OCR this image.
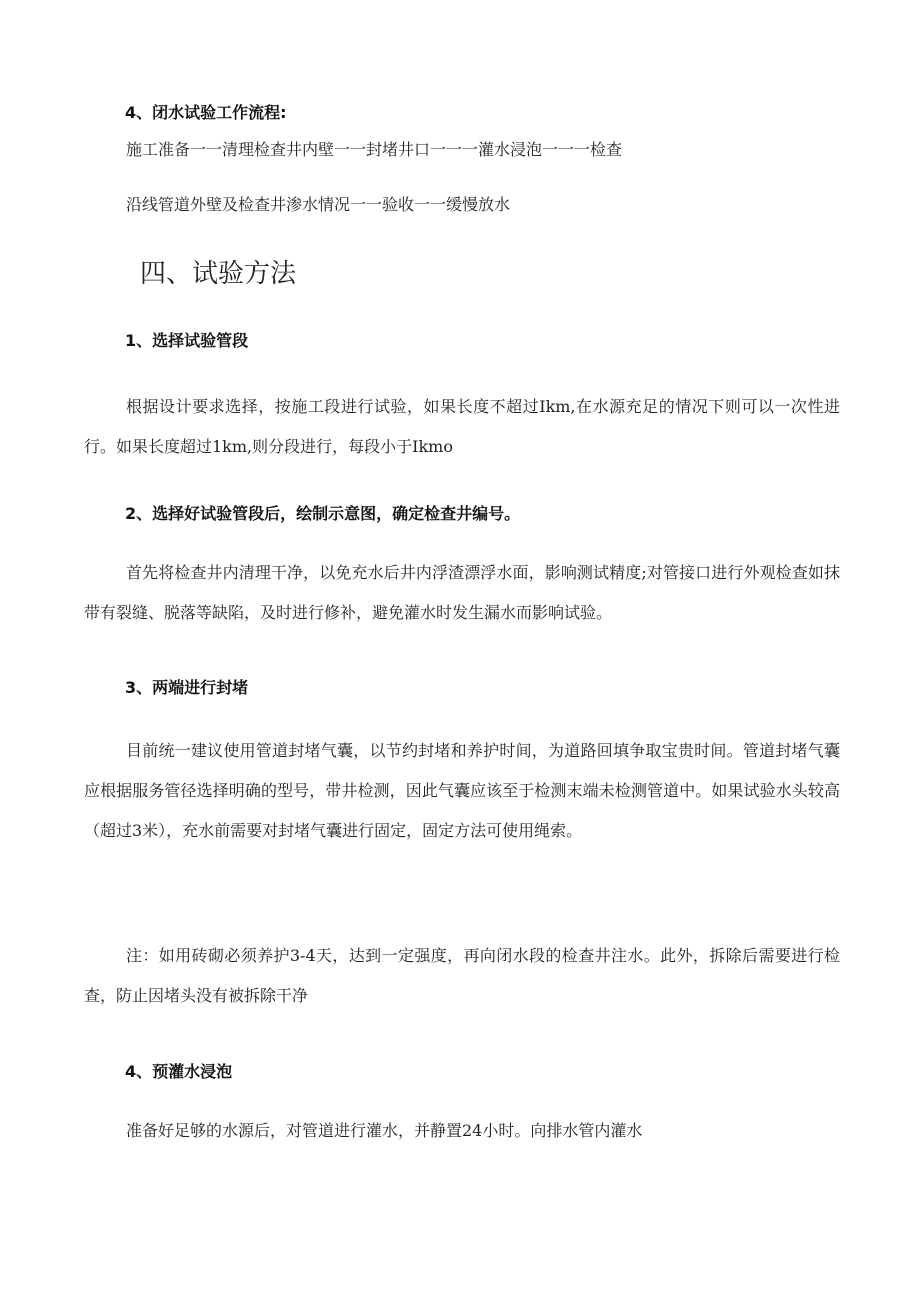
4、闭水试验工作流程:
施工准备一一清理检查井内壁一一封堵井口一一一灌水浸泡一一一检查
沿线管道外壁及检查井渗水情况一一验收一一缓慢放水
四、试验方法
1、选择试验管段
根据设计要求选择，按施工段进行试验，如果长度不超过Ikm,在水源充足的情况下则可以一次性进行。如果长度超过1km,则分段进行，每段小于Ikmo
2、选择好试验管段后，绘制示意图，确定检查井编号。
首先将检查井内清理干净，以免充水后井内浮渣漂浮水面，影响测试精度;对管接口进行外观检查如抹带有裂缝、脱落等缺陷，及时进行修补，避免灌水时发生漏水而影响试验。
3、两端进行封堵
目前统一建议使用管道封堵气囊，以节约封堵和养护时间，为道路回填争取宝贵时间。管道封堵气囊应根据服务管径选择明确的型号，带井检测，因此气囊应该至于检测末端未检测管道中。如果试验水头较高（超过3米），充水前需要对封堵气囊进行固定，固定方法可使用绳索。
注：如用砖砌必须养护3-4天，达到一定强度，再向闭水段的检查井注水。此外，拆除后需要进行检查，防止因堵头没有被拆除干净
4、预灌水浸泡
准备好足够的水源后，对管道进行灌水，并静置24小时。向排水管内灌水
